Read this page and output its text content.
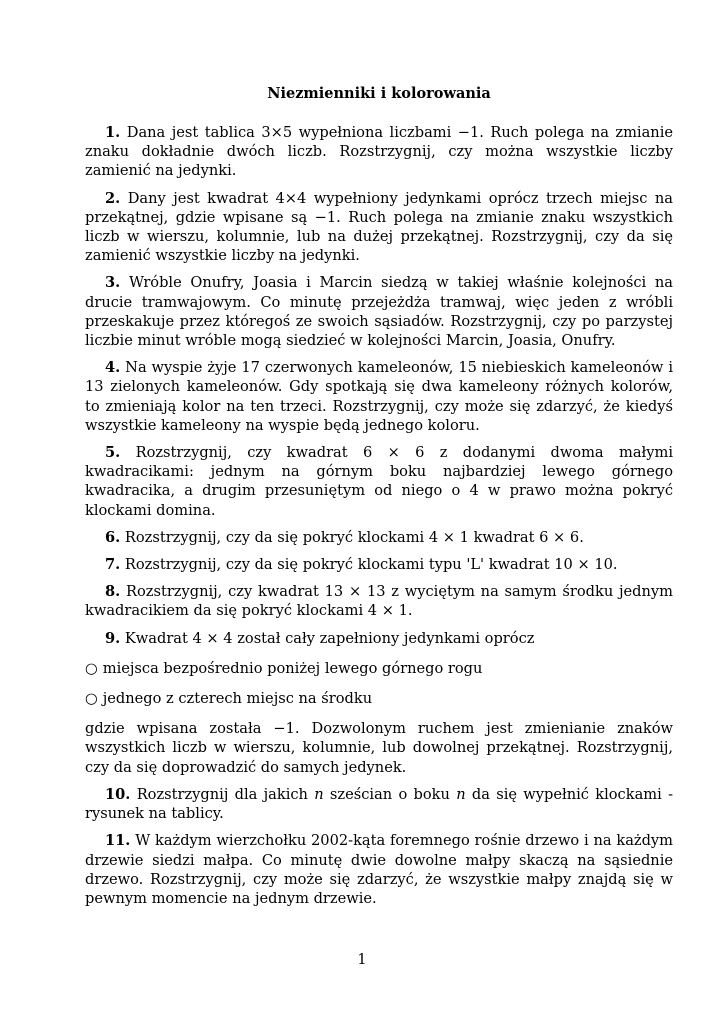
Niezmienniki i kolorowania

1. Dana jest tablica 3×5 wypełniona liczbami −1. Ruch polega na zmianie znaku dokładnie dwóch liczb. Rozstrzygnij, czy można wszystkie liczby zamienić na jedynki.

2. Dany jest kwadrat 4×4 wypełniony jedynkami oprócz trzech miejsc na przekątnej, gdzie wpisane są −1. Ruch polega na zmianie znaku wszystkich liczb w wierszu, kolumnie, lub na dużej przekątnej. Rozstrzygnij, czy da się zamienić wszystkie liczby na jedynki.

3. Wróble Onufry, Joasia i Marcin siedzą w takiej właśnie kolejności na drucie tramwajowym. Co minutę przejeżdża tramwaj, więc jeden z wróbli przeskakuje przez któregoś ze swoich sąsiadów. Rozstrzygnij, czy po parzystej liczbie minut wróble mogą siedzieć w kolejności Marcin, Joasia, Onufry.

4. Na wyspie żyje 17 czerwonych kameleonów, 15 niebieskich kameleonów i 13 zielonych kameleonów. Gdy spotkają się dwa kameleony różnych kolorów, to zmieniają kolor na ten trzeci. Rozstrzygnij, czy może się zdarzyć, że kiedyś wszystkie kameleony na wyspie będą jednego koloru.

5. Rozstrzygnij, czy kwadrat 6 × 6 z dodanymi dwoma małymi kwadracikami: jednym na górnym boku najbardziej lewego górnego kwadracika, a drugim przesuniętym od niego o 4 w prawo można pokryć klockami domina.

6. Rozstrzygnij, czy da się pokryć klockami 4 × 1 kwadrat 6 × 6.

7. Rozstrzygnij, czy da się pokryć klockami typu 'L' kwadrat 10 × 10.

8. Rozstrzygnij, czy kwadrat 13 × 13 z wyciętym na samym środku jednym kwadracikiem da się pokryć klockami 4 × 1.

9. Kwadrat 4 × 4 został cały zapełniony jedynkami oprócz

○ miejsca bezpośrednio poniżej lewego górnego rogu
○ jednego z czterech miejsc na środku

gdzie wpisana została −1. Dozwolonym ruchem jest zmienianie znaków wszystkich liczb w wierszu, kolumnie, lub dowolnej przekątnej. Rozstrzygnij, czy da się doprowadzić do samych jedynek.

10. Rozstrzygnij dla jakich n sześcian o boku n da się wypełnić klockami - rysunek na tablicy.

11. W każdym wierzchołku 2002-kąta foremnego rośnie drzewo i na każdym drzewie siedzi małpa. Co minutę dwie dowolne małpy skaczą na sąsiednie drzewo. Rozstrzygnij, czy może się zdarzyć, że wszystkie małpy znajdą się w pewnym momencie na jednym drzewie.

1
